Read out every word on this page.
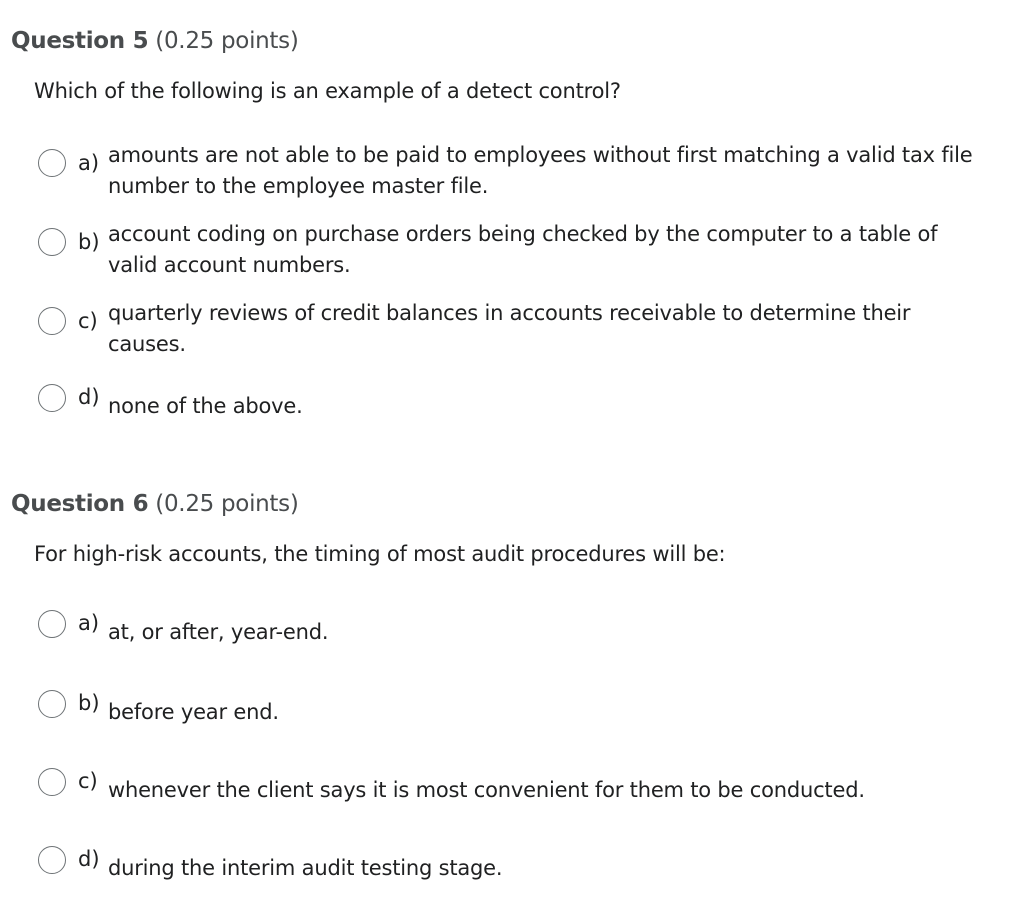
Question 5 (0.25 points)
Which of the following is an example of a detect control?
a) amounts are not able to be paid to employees without first matching a valid tax file number to the employee master file.
b) account coding on purchase orders being checked by the computer to a table of valid account numbers.
c) quarterly reviews of credit balances in accounts receivable to determine their causes.
d) none of the above.
Question 6 (0.25 points)
For high-risk accounts, the timing of most audit procedures will be:
a) at, or after, year-end.
b) before year end.
c) whenever the client says it is most convenient for them to be conducted.
d) during the interim audit testing stage.
